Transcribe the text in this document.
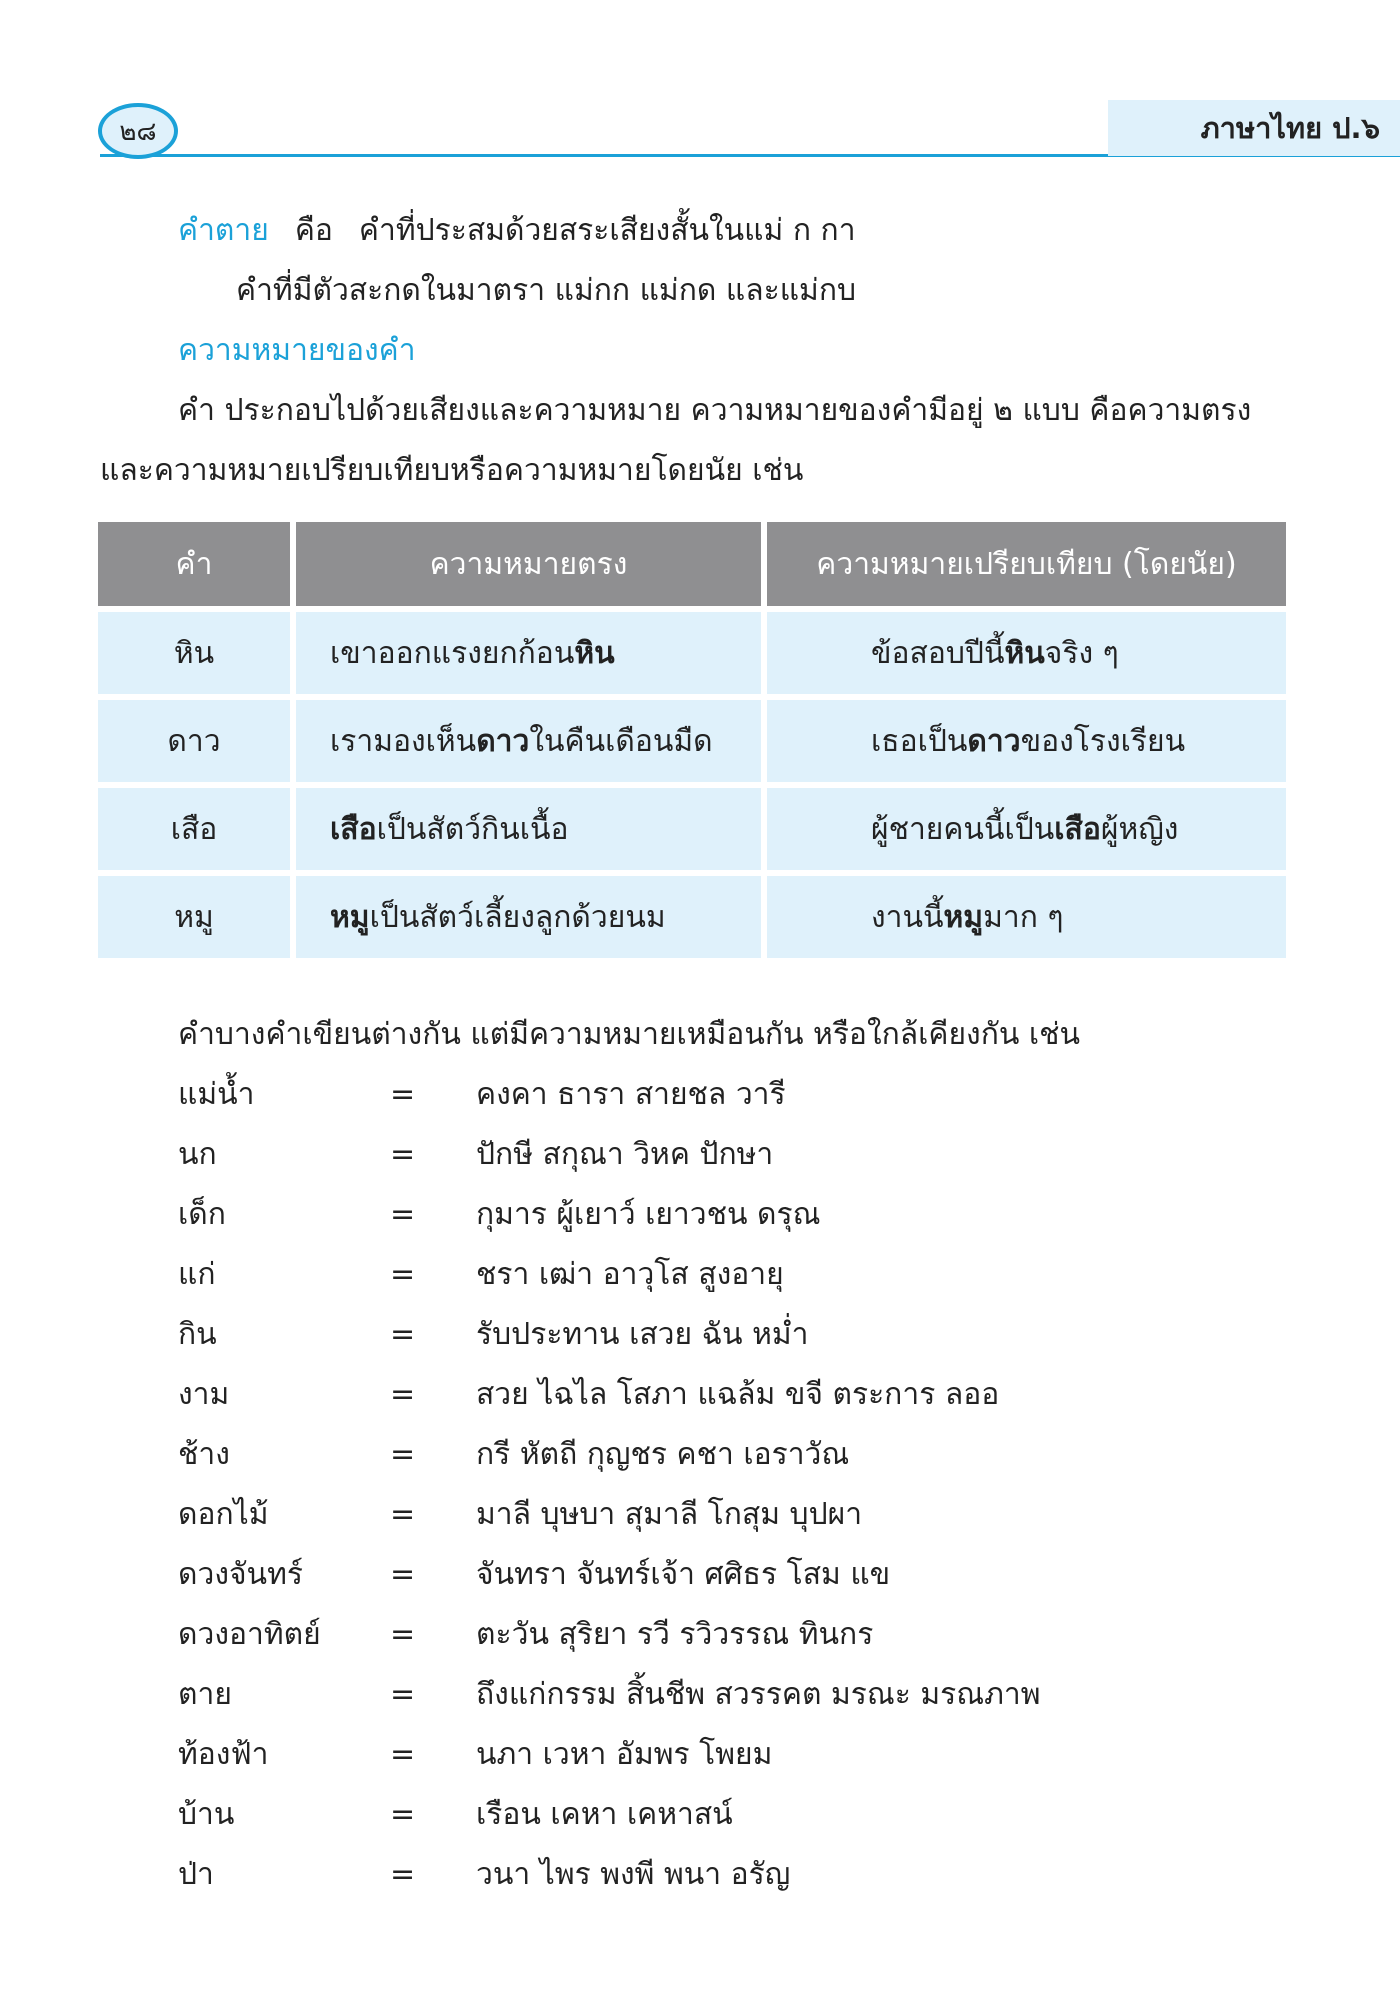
๒๘	ภาษาไทย ป.๖
คำตาย คือ คำที่ประสมด้วยสระเสียงสั้นในแม่ ก กา
คำที่มีตัวสะกดในมาตรา แม่กก แม่กด และแม่กบ
ความหมายของคำ
คำ ประกอบไปด้วยเสียงและความหมาย ความหมายของคำมีอยู่ ๒ แบบ คือความตรง
และความหมายเปรียบเทียบหรือความหมายโดยนัย เช่น
คำ	ความหมายตรง	ความหมายเปรียบเทียบ (โดยนัย)
หิน	เขาออกแรงยกก้อนหิน	ข้อสอบปีนี้หินจริง ๆ
ดาว	เรามองเห็นดาวในคืนเดือนมืด	เธอเป็นดาวของโรงเรียน
เสือ	เสือเป็นสัตว์กินเนื้อ	ผู้ชายคนนี้เป็นเสือผู้หญิง
หมู	หมูเป็นสัตว์เลี้ยงลูกด้วยนม	งานนี้หมูมาก ๆ
คำบางคำเขียนต่างกัน แต่มีความหมายเหมือนกัน หรือใกล้เคียงกัน เช่น
แม่น้ำ	= คงคา ธารา สายชล วารี
นก	= ปักษี สกุณา วิหค ปักษา
เด็ก	= กุมาร ผู้เยาว์ เยาวชน ดรุณ
แก่	= ชรา เฒ่า อาวุโส สูงอายุ
กิน	= รับประทาน เสวย ฉัน หม่ำ
งาม	= สวย ไฉไล โสภา แฉล้ม ขจี ตระการ ลออ
ช้าง	= กรี หัตถี กุญชร คชา เอราวัณ
ดอกไม้	= มาลี บุษบา สุมาลี โกสุม บุปผา
ดวงจันทร์	= จันทรา จันทร์เจ้า ศศิธร โสม แข
ดวงอาทิตย์ = ตะวัน สุริยา รวี รวิวรรณ ทินกร
ตาย	= ถึงแก่กรรม สิ้นชีพ สวรรคต มรณะ มรณภาพ
ท้องฟ้า	= นภา เวหา อัมพร โพยม
บ้าน	= เรือน เคหา เคหาสน์
ป่า	= วนา ไพร พงพี พนา อรัญ
